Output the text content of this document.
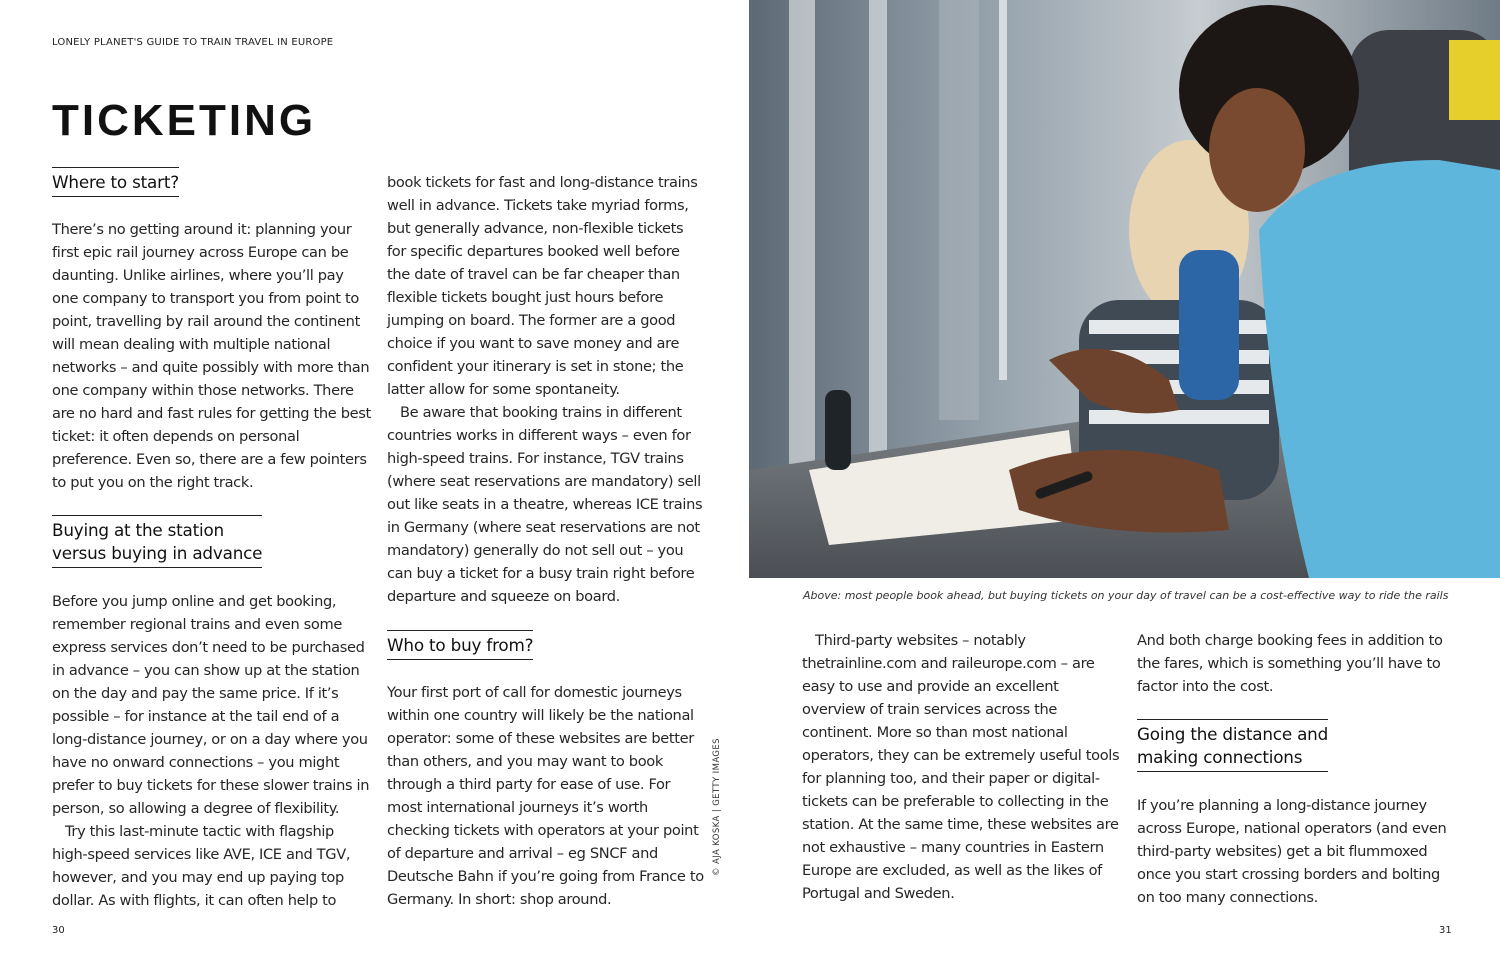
LONELY PLANET'S GUIDE TO TRAIN TRAVEL IN EUROPE
TICKETING
Where to start?

There’s no getting around it: planning your first epic rail journey across Europe can be daunting. Unlike airlines, where you’ll pay one company to transport you from point to point, travelling by rail around the continent will mean dealing with multiple national networks – and quite possibly with more than one company within those networks. There are no hard and fast rules for getting the best ticket: it often depends on personal preference. Even so, there are a few pointers to put you on the right track.

Buying at the station
versus buying in advance

Before you jump online and get booking, remember regional trains and even some express services don’t need to be purchased in advance – you can show up at the station on the day and pay the same price. If it’s possible – for instance at the tail end of a long-distance journey, or on a day where you have no onward connections – you might prefer to buy tickets for these slower trains in person, so allowing a degree of flexibility.

Try this last-minute tactic with flagship high-speed services like AVE, ICE and TGV, however, and you may end up paying top dollar. As with flights, it can often help to

book tickets for fast and long-distance trains well in advance. Tickets take myriad forms, but generally advance, non-flexible tickets for specific departures booked well before the date of travel can be far cheaper than flexible tickets bought just hours before jumping on board. The former are a good choice if you want to save money and are confident your itinerary is set in stone; the latter allow for some spontaneity.

Be aware that booking trains in different countries works in different ways – even for high-speed trains. For instance, TGV trains (where seat reservations are mandatory) sell out like seats in a theatre, whereas ICE trains in Germany (where seat reservations are not mandatory) generally do not sell out – you can buy a ticket for a busy train right before departure and squeeze on board.

Who to buy from?

Your first port of call for domestic journeys within one country will likely be the national operator: some of these websites are better than others, and you may want to book through a third party for ease of use. For most international journeys it’s worth checking tickets with operators at your point of departure and arrival – eg SNCF and Deutsche Bahn if you’re going from France to Germany. In short: shop around.

Above: most people book ahead, but buying tickets on your day of travel can be a cost-effective way to ride the rails
© AJA KOSKA | GETTY IMAGES

Third-party websites – notably thetrainline.com and raileurope.com – are easy to use and provide an excellent overview of train services across the continent. More so than most national operators, they can be extremely useful tools for planning too, and their paper or digital-tickets can be preferable to collecting in the station. At the same time, these websites are not exhaustive – many countries in Eastern Europe are excluded, as well as the likes of Portugal and Sweden.

And both charge booking fees in addition to the fares, which is something you’ll have to factor into the cost.

Going the distance and
making connections

If you’re planning a long-distance journey across Europe, national operators (and even third-party websites) get a bit flummoxed once you start crossing borders and bolting on too many connections.

30	31
